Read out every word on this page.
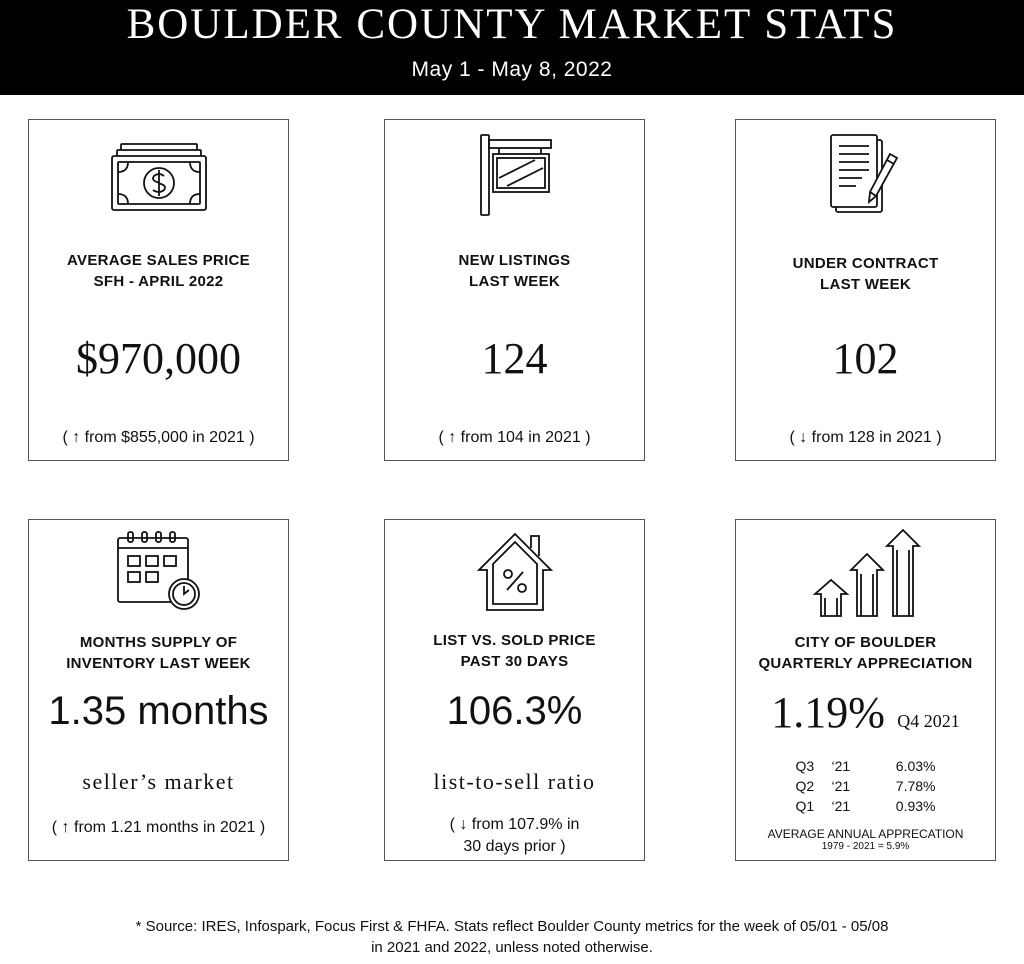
BOULDER COUNTY MARKET STATS
May 1 - May 8, 2022
AVERAGE SALES PRICE
SFH - APRIL 2022
$970,000
( ↑ from $855,000 in 2021 )
NEW LISTINGS
LAST WEEK
124
( ↑ from 104 in 2021 )
UNDER CONTRACT
LAST WEEK
102
( ↓ from 128 in 2021 )
MONTHS SUPPLY OF
INVENTORY LAST WEEK
1.35 months
seller’s market
( ↑ from 1.21 months in 2021 )
LIST VS. SOLD PRICE
PAST 30 DAYS
106.3%
list-to-sell ratio
( ↓ from 107.9% in
30 days prior )
CITY OF BOULDER
QUARTERLY APPRECIATION
1.19% Q4 2021
Q3	‘21	6.03%
Q2	‘21	7.78%
Q1	‘21	0.93%
AVERAGE ANNUAL APPRECATION
1979 - 2021 = 5.9%
* Source: IRES, Infospark, Focus First & FHFA. Stats reflect Boulder County metrics for the week of 05/01 - 05/08
in 2021 and 2022, unless noted otherwise.
